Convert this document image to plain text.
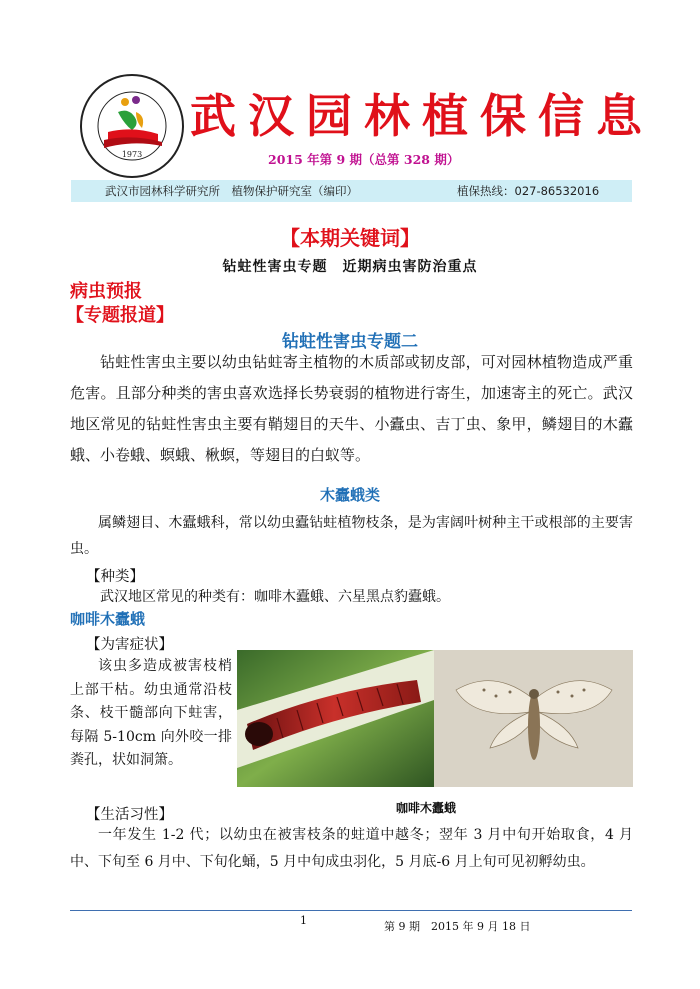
1973
武汉园林植保信息
2015 年第 9 期（总第 328 期）
武汉市园林科学研究所　植物保护研究室（编印）	植保热线：027-86532016
【本期关键词】
钻蛀性害虫专题　近期病虫害防治重点
病虫预报
【专题报道】
钻蛀性害虫专题二

钻蛀性害虫主要以幼虫钻蛀寄主植物的木质部或韧皮部，可对园林植物造成严重危害。且部分种类的害虫喜欢选择长势衰弱的植物进行寄生，加速寄主的死亡。武汉地区常见的钻蛀性害虫主要有鞘翅目的天牛、小蠹虫、吉丁虫、象甲，鳞翅目的木蠹蛾、小卷蛾、螟蛾、楸螟，等翅目的白蚁等。

木蠹蛾类

属鳞翅目、木蠹蛾科，常以幼虫蠹钻蛀植物枝条，是为害阔叶树种主干或根部的主要害虫。

【种类】
武汉地区常见的种类有：咖啡木蠹蛾、六星黑点豹蠹蛾。
咖啡木蠹蛾
【为害症状】

该虫多造成被害枝梢上部干枯。幼虫通常沿枝条、枝干髓部向下蛀害，每隔 5-10cm 向外咬一排粪孔，状如洞箫。

咖啡木蠹蛾
【生活习性】

一年发生 1-2 代；以幼虫在被害枝条的蛀道中越冬；翌年 3 月中旬开始取食，4 月中、下旬至 6 月中、下旬化蛹，5 月中旬成虫羽化，5 月底-6 月上旬可见初孵幼虫。

1	第 9 期　2015 年 9 月 18 日
